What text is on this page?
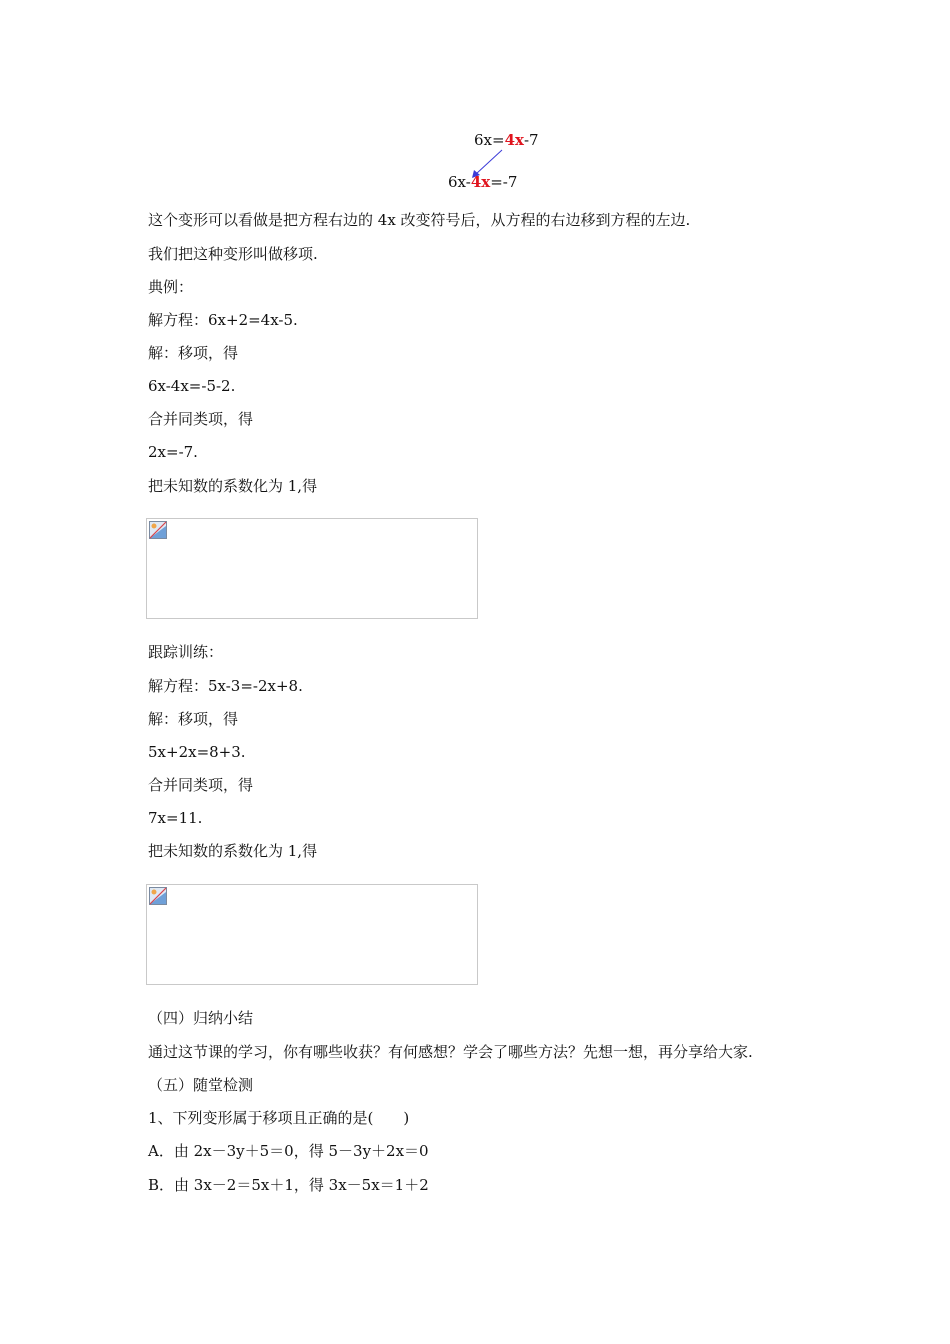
6x=4x-7
6x-4x=-7
这个变形可以看做是把方程右边的 4x 改变符号后，从方程的右边移到方程的左边.
我们把这种变形叫做移项.
典例：
解方程：6x+2=4x-5.
解：移项，得
6x-4x=-5-2.
合并同类项，得
2x=-7.
把未知数的系数化为 1,得
跟踪训练：
解方程：5x-3=-2x+8.
解：移项，得
5x+2x=8+3.
合并同类项，得
7x=11.
把未知数的系数化为 1,得
（四）归纳小结
通过这节课的学习，你有哪些收获？有何感想？学会了哪些方法？先想一想，再分享给大家.
（五）随堂检测
1、下列变形属于移项且正确的是(　　)
A．由 2x－3y＋5＝0，得 5－3y＋2x＝0
B．由 3x－2＝5x＋1，得 3x－5x＝1＋2
